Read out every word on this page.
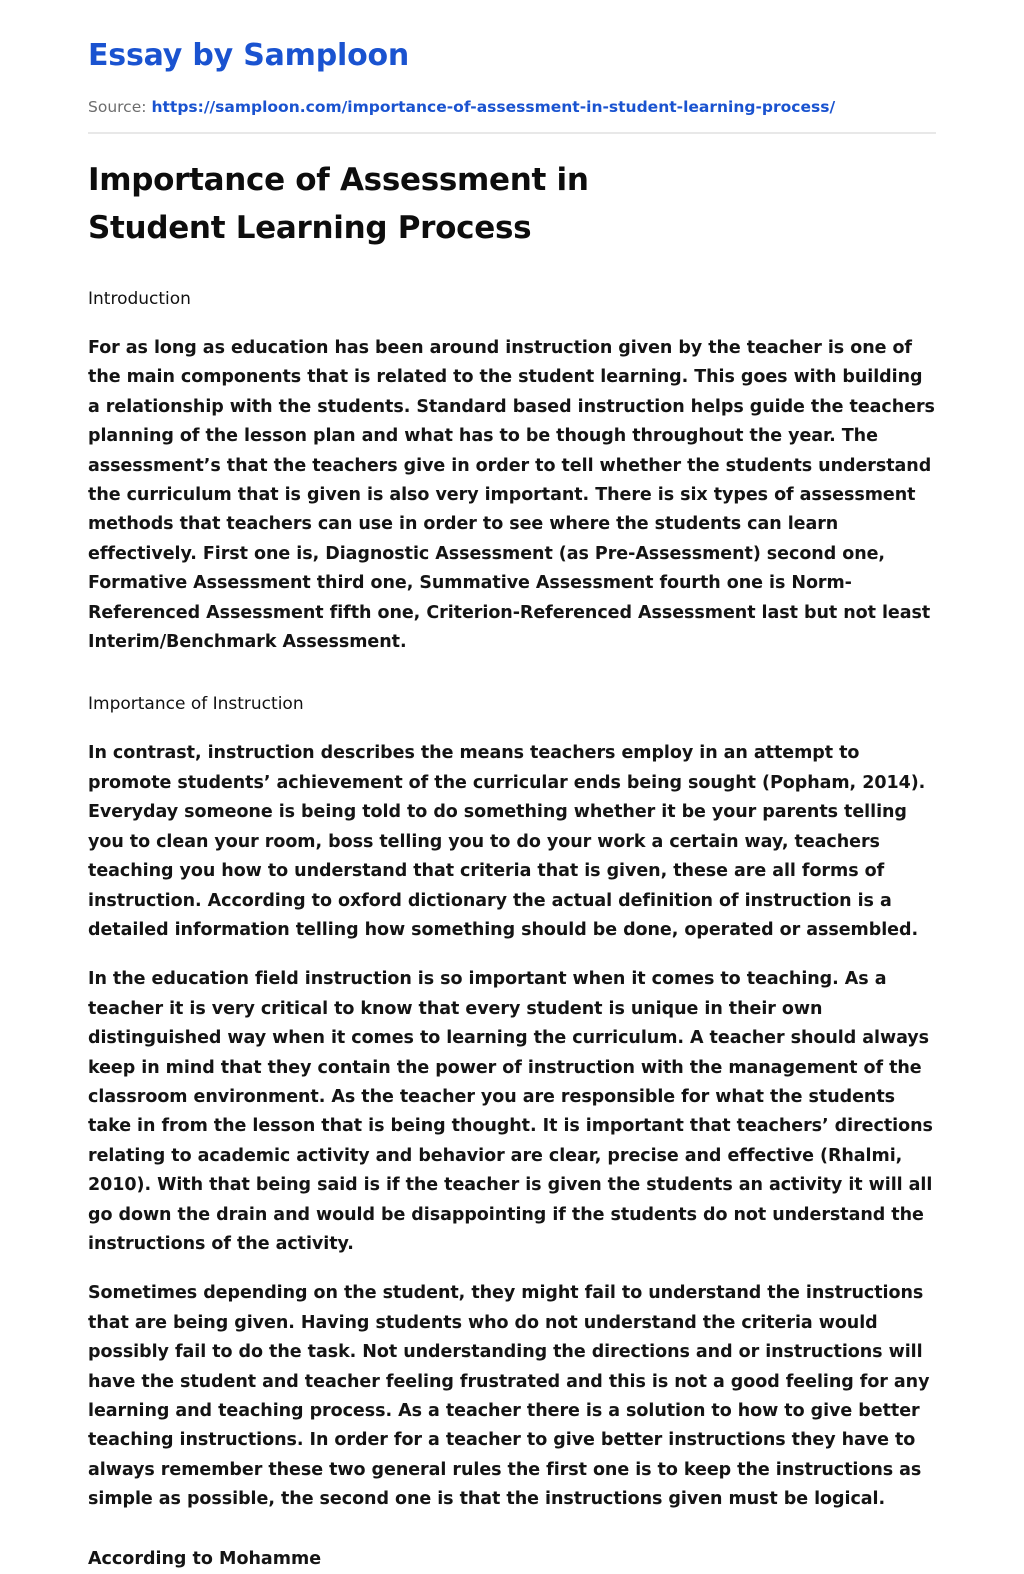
Essay by Samploon
Source: https://samploon.com/importance-of-assessment-in-student-learning-process/
Importance of Assessment in Student Learning Process
Introduction

For as long as education has been around instruction given by the teacher is one of the main components that is related to the student learning. This goes with building a relationship with the students. Standard based instruction helps guide the teachers planning of the lesson plan and what has to be though throughout the year. The assessment’s that the teachers give in order to tell whether the students understand the curriculum that is given is also very important. There is six types of assessment methods that teachers can use in order to see where the students can learn effectively. First one is, Diagnostic Assessment (as Pre-Assessment) second one, Formative Assessment third one, Summative Assessment fourth one is Norm-Referenced Assessment fifth one, Criterion-Referenced Assessment last but not least Interim/Benchmark Assessment.

Importance of Instruction

In contrast, instruction describes the means teachers employ in an attempt to promote students’ achievement of the curricular ends being sought (Popham, 2014). Everyday someone is being told to do something whether it be your parents telling you to clean your room, boss telling you to do your work a certain way, teachers teaching you how to understand that criteria that is given, these are all forms of instruction. According to oxford dictionary the actual definition of instruction is a detailed information telling how something should be done, operated or assembled.

In the education field instruction is so important when it comes to teaching. As a teacher it is very critical to know that every student is unique in their own distinguished way when it comes to learning the curriculum. A teacher should always keep in mind that they contain the power of instruction with the management of the classroom environment. As the teacher you are responsible for what the students take in from the lesson that is being thought. It is important that teachers’ directions relating to academic activity and behavior are clear, precise and effective (Rhalmi, 2010). With that being said is if the teacher is given the students an activity it will all go down the drain and would be disappointing if the students do not understand the instructions of the activity.

Sometimes depending on the student, they might fail to understand the instructions that are being given. Having students who do not understand the criteria would possibly fail to do the task. Not understanding the directions and or instructions will have the student and teacher feeling frustrated and this is not a good feeling for any learning and teaching process. As a teacher there is a solution to how to give better teaching instructions. In order for a teacher to give better instructions they have to always remember these two general rules the first one is to keep the instructions as simple as possible, the second one is that the instructions given must be logical.

According to Mohamme
